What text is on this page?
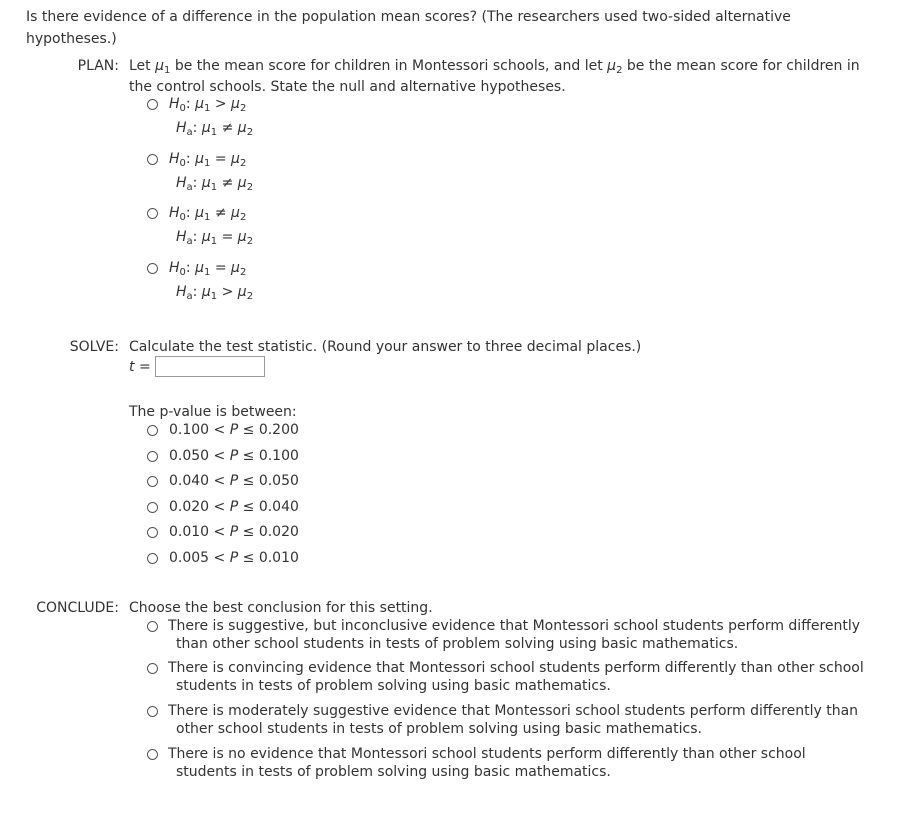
Is there evidence of a difference in the population mean scores? (The researchers used two-sided alternative
hypotheses.)
PLAN: Let $\mu_1$ be the mean score for children in Montessori schools, and let $\mu_2$ be the mean score for children in
the control schools. State the null and alternative hypotheses.
$H_0$: $\mu_1 > \mu_2$
$H_a$: $\mu_1 \ne \mu_2$
$H_0$: $\mu_1 = \mu_2$
$H_a$: $\mu_1 \ne \mu_2$
$H_0$: $\mu_1 \ne \mu_2$
$H_a$: $\mu_1 = \mu_2$
$H_0$: $\mu_1 = \mu_2$
$H_a$: $\mu_1 > \mu_2$
SOLVE: Calculate the test statistic. (Round your answer to three decimal places.)
t =
The p-value is between:
0.100 < P ≤ 0.200
0.050 < P ≤ 0.100
0.040 < P ≤ 0.050
0.020 < P ≤ 0.040
0.010 < P ≤ 0.020
0.005 < P ≤ 0.010
CONCLUDE: Choose the best conclusion for this setting.
There is suggestive, but inconclusive evidence that Montessori school students perform differently
than other school students in tests of problem solving using basic mathematics.
There is convincing evidence that Montessori school students perform differently than other school
students in tests of problem solving using basic mathematics.
There is moderately suggestive evidence that Montessori school students perform differently than
other school students in tests of problem solving using basic mathematics.
There is no evidence that Montessori school students perform differently than other school
students in tests of problem solving using basic mathematics.
